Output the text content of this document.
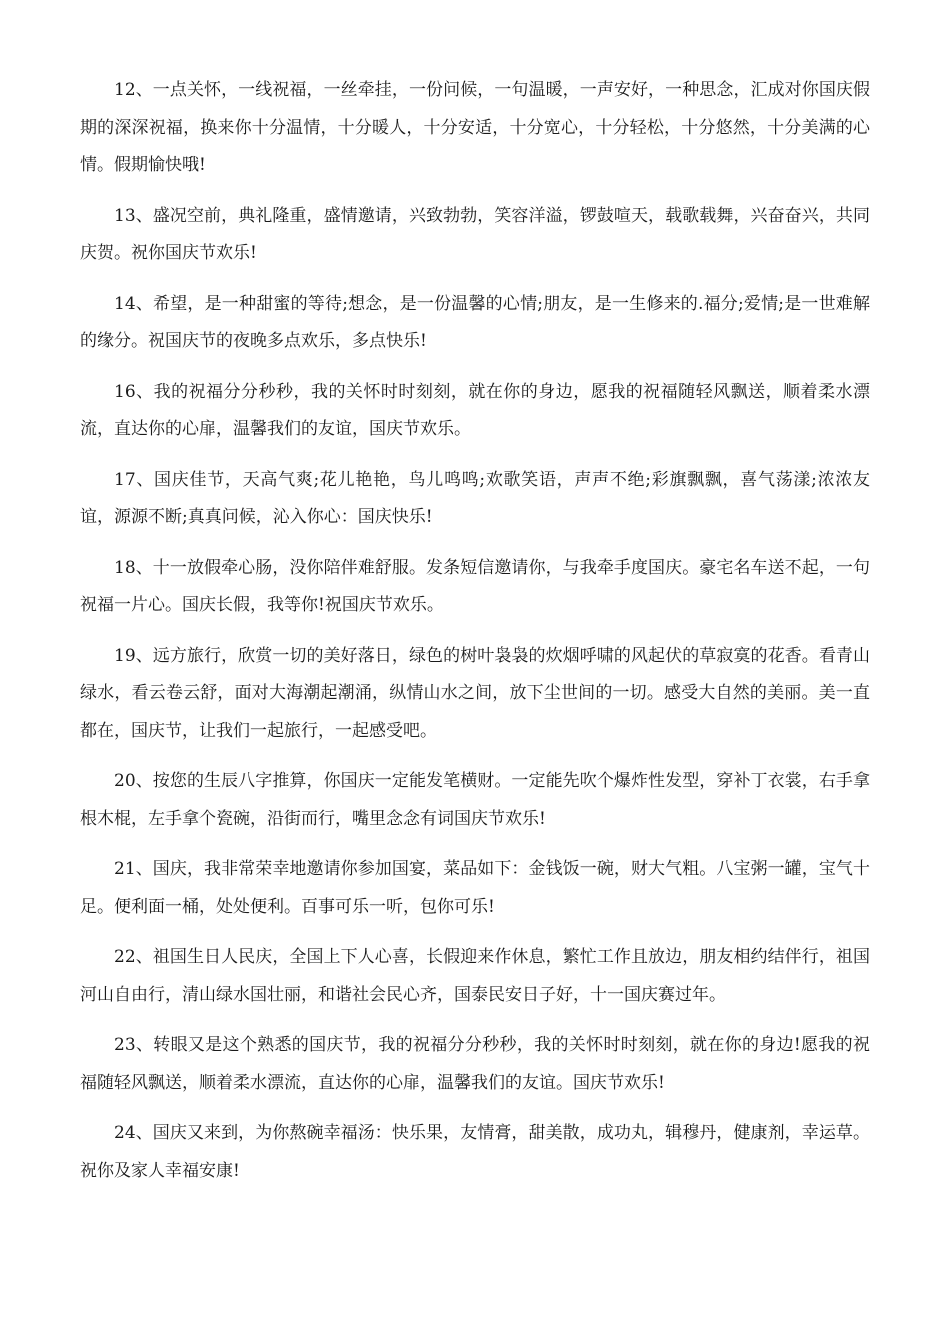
12、一点关怀，一线祝福，一丝牵挂，一份问候，一句温暖，一声安好，一种思念，汇成对你国庆假期的深深祝福，换来你十分温情，十分暖人，十分安适，十分宽心，十分轻松，十分悠然，十分美满的心情。假期愉快哦!

13、盛况空前，典礼隆重，盛情邀请，兴致勃勃，笑容洋溢，锣鼓喧天，载歌载舞，兴奋奋兴，共同庆贺。祝你国庆节欢乐!

14、希望，是一种甜蜜的等待;想念，是一份温馨的心情;朋友，是一生修来的.福分;爱情;是一世难解的缘分。祝国庆节的夜晚多点欢乐，多点快乐!

16、我的祝福分分秒秒，我的关怀时时刻刻，就在你的身边，愿我的祝福随轻风飘送，顺着柔水漂流，直达你的心扉，温馨我们的友谊，国庆节欢乐。

17、国庆佳节，天高气爽;花儿艳艳，鸟儿鸣鸣;欢歌笑语，声声不绝;彩旗飘飘，喜气荡漾;浓浓友谊，源源不断;真真问候，沁入你心：国庆快乐!

18、十一放假牵心肠，没你陪伴难舒服。发条短信邀请你，与我牵手度国庆。豪宅名车送不起，一句祝福一片心。国庆长假，我等你!祝国庆节欢乐。

19、远方旅行，欣赏一切的美好落日，绿色的树叶袅袅的炊烟呼啸的风起伏的草寂寞的花香。看青山绿水，看云卷云舒，面对大海潮起潮涌，纵情山水之间，放下尘世间的一切。感受大自然的美丽。美一直都在，国庆节，让我们一起旅行，一起感受吧。

20、按您的生辰八字推算，你国庆一定能发笔横财。一定能先吹个爆炸性发型，穿补丁衣裳，右手拿根木棍，左手拿个瓷碗，沿街而行，嘴里念念有词国庆节欢乐!

21、国庆，我非常荣幸地邀请你参加国宴，菜品如下：金钱饭一碗，财大气粗。八宝粥一罐，宝气十足。便利面一桶，处处便利。百事可乐一听，包你可乐!

22、祖国生日人民庆，全国上下人心喜，长假迎来作休息，繁忙工作且放边，朋友相约结伴行，祖国河山自由行，清山绿水国壮丽，和谐社会民心齐，国泰民安日子好，十一国庆赛过年。

23、转眼又是这个熟悉的国庆节，我的祝福分分秒秒，我的关怀时时刻刻，就在你的身边!愿我的祝福随轻风飘送，顺着柔水漂流，直达你的心扉，温馨我们的友谊。国庆节欢乐!

24、国庆又来到，为你熬碗幸福汤：快乐果，友情膏，甜美散，成功丸，辑穆丹，健康剂，幸运草。祝你及家人幸福安康!
